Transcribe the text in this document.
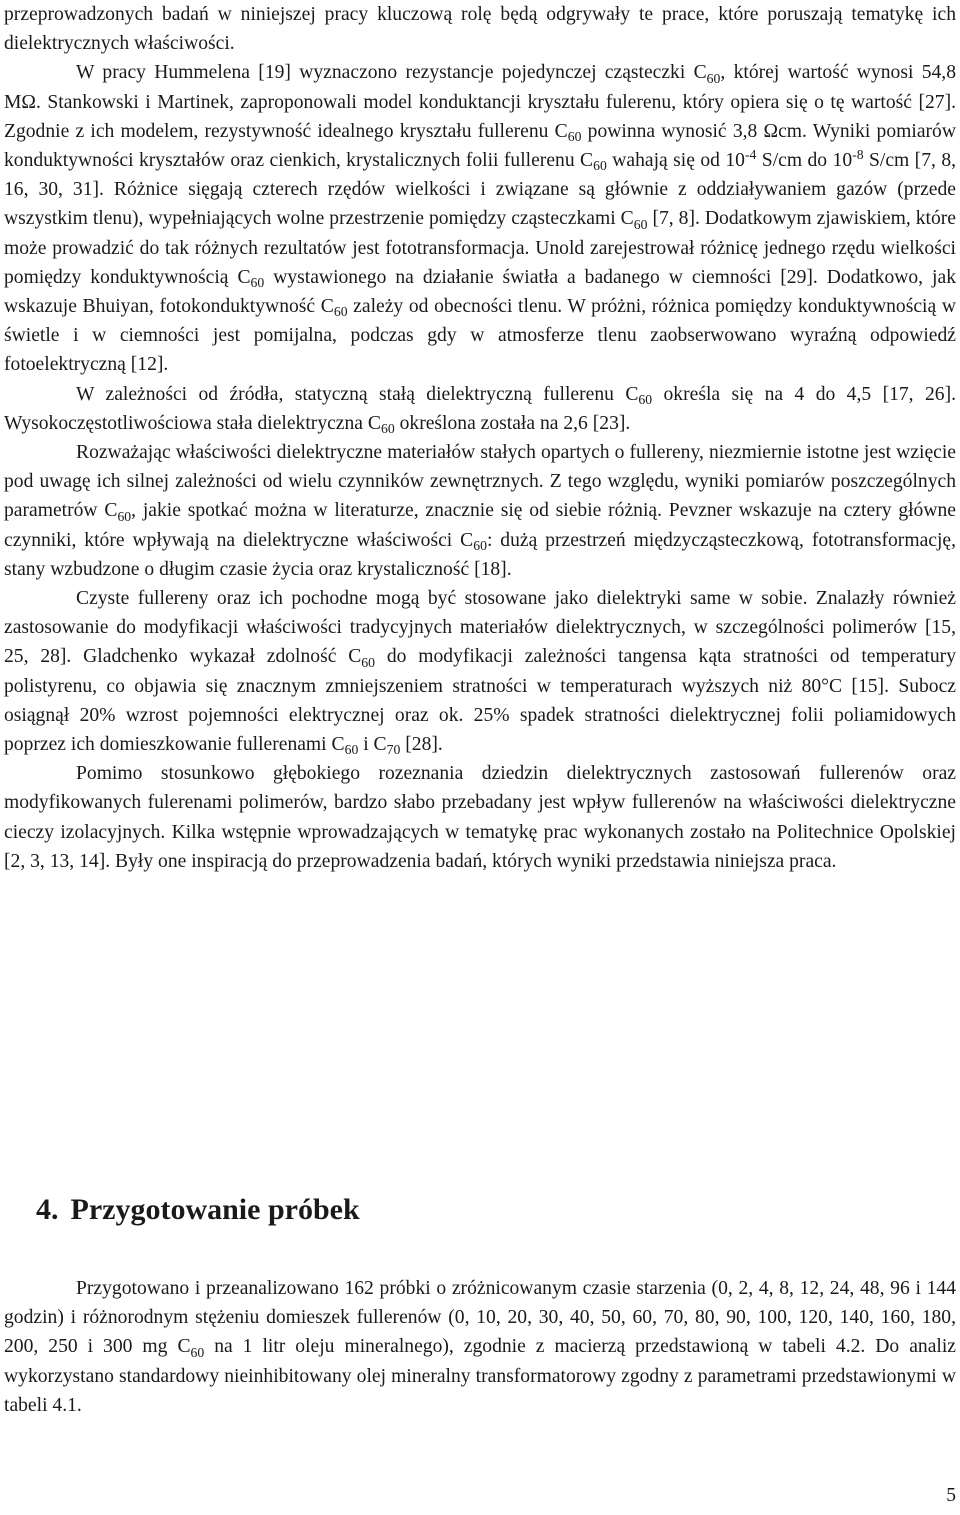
przeprowadzonych badań w niniejszej pracy kluczową rolę będą odgrywały te prace, które poruszają tematykę ich dielektrycznych właściwości.

W pracy Hummelena [19] wyznaczono rezystancje pojedynczej cząsteczki $C_{60}$, której wartość wynosi 54,8 MΩ. Stankowski i Martinek, zaproponowali model konduktancji kryształu fulerenu, który opiera się o tę wartość [27]. Zgodnie z ich modelem, rezystywność idealnego kryształu fullerenu $C_{60}$ powinna wynosić 3,8 Ωcm. Wyniki pomiarów konduktywności kryształów oraz cienkich, krystalicznych folii fullerenu $C_{60}$ wahają się od $10^{-4}$ S/cm do $10^{-8}$ S/cm [7, 8, 16, 30, 31]. Różnice sięgają czterech rzędów wielkości i związane są głównie z oddziaływaniem gazów (przede wszystkim tlenu), wypełniających wolne przestrzenie pomiędzy cząsteczkami $C_{60}$ [7, 8]. Dodatkowym zjawiskiem, które może prowadzić do tak różnych rezultatów jest fototransformacja. Unold zarejestrował różnicę jednego rzędu wielkości pomiędzy konduktywnością $C_{60}$ wystawionego na działanie światła a badanego w ciemności [29]. Dodatkowo, jak wskazuje Bhuiyan, fotokonduktywność $C_{60}$ zależy od obecności tlenu. W próżni, różnica pomiędzy konduktywnością w świetle i w ciemności jest pomijalna, podczas gdy w atmosferze tlenu zaobserwowano wyraźną odpowiedź fotoelektryczną [12].

W zależności od źródła, statyczną stałą dielektryczną fullerenu $C_{60}$ określa się na 4 do 4,5 [17, 26]. Wysokoczęstotliwościowa stała dielektryczna $C_{60}$ określona została na 2,6 [23].

Rozważając właściwości dielektryczne materiałów stałych opartych o fullereny, niezmiernie istotne jest wzięcie pod uwagę ich silnej zależności od wielu czynników zewnętrznych. Z tego względu, wyniki pomiarów poszczególnych parametrów $C_{60}$, jakie spotkać można w literaturze, znacznie się od siebie różnią. Pevzner wskazuje na cztery główne czynniki, które wpływają na dielektryczne właściwości $C_{60}$: dużą przestrzeń międzycząsteczkową, fototransformację, stany wzbudzone o długim czasie życia oraz krystaliczność [18].

Czyste fullereny oraz ich pochodne mogą być stosowane jako dielektryki same w sobie. Znalazły również zastosowanie do modyfikacji właściwości tradycyjnych materiałów dielektrycznych, w szczególności polimerów [15, 25, 28]. Gladchenko wykazał zdolność $C_{60}$ do modyfikacji zależności tangensa kąta stratności od temperatury polistyrenu, co objawia się znacznym zmniejszeniem stratności w temperaturach wyższych niż 80°C [15]. Subocz osiągnął 20% wzrost pojemności elektrycznej oraz ok. 25% spadek stratności dielektrycznej folii poliamidowych poprzez ich domieszkowanie fullerenami $C_{60}$ i $C_{70}$ [28].

Pomimo stosunkowo głębokiego rozeznania dziedzin dielektrycznych zastosowań fullerenów oraz modyfikowanych fulerenami polimerów, bardzo słabo przebadany jest wpływ fullerenów na właściwości dielektryczne cieczy izolacyjnych. Kilka wstępnie wprowadzających w tematykę prac wykonanych zostało na Politechnice Opolskiej [2, 3, 13, 14]. Były one inspiracją do przeprowadzenia badań, których wyniki przedstawia niniejsza praca.

4. Przygotowanie próbek

Przygotowano i przeanalizowano 162 próbki o zróżnicowanym czasie starzenia (0, 2, 4, 8, 12, 24, 48, 96 i 144 godzin) i różnorodnym stężeniu domieszek fullerenów (0, 10, 20, 30, 40, 50, 60, 70, 80, 90, 100, 120, 140, 160, 180, 200, 250 i 300 mg $C_{60}$ na 1 litr oleju mineralnego), zgodnie z macierzą przedstawioną w tabeli 4.2. Do analiz wykorzystano standardowy nieinhibitowany olej mineralny transformatorowy zgodny z parametrami przedstawionymi w tabeli 4.1.

5
